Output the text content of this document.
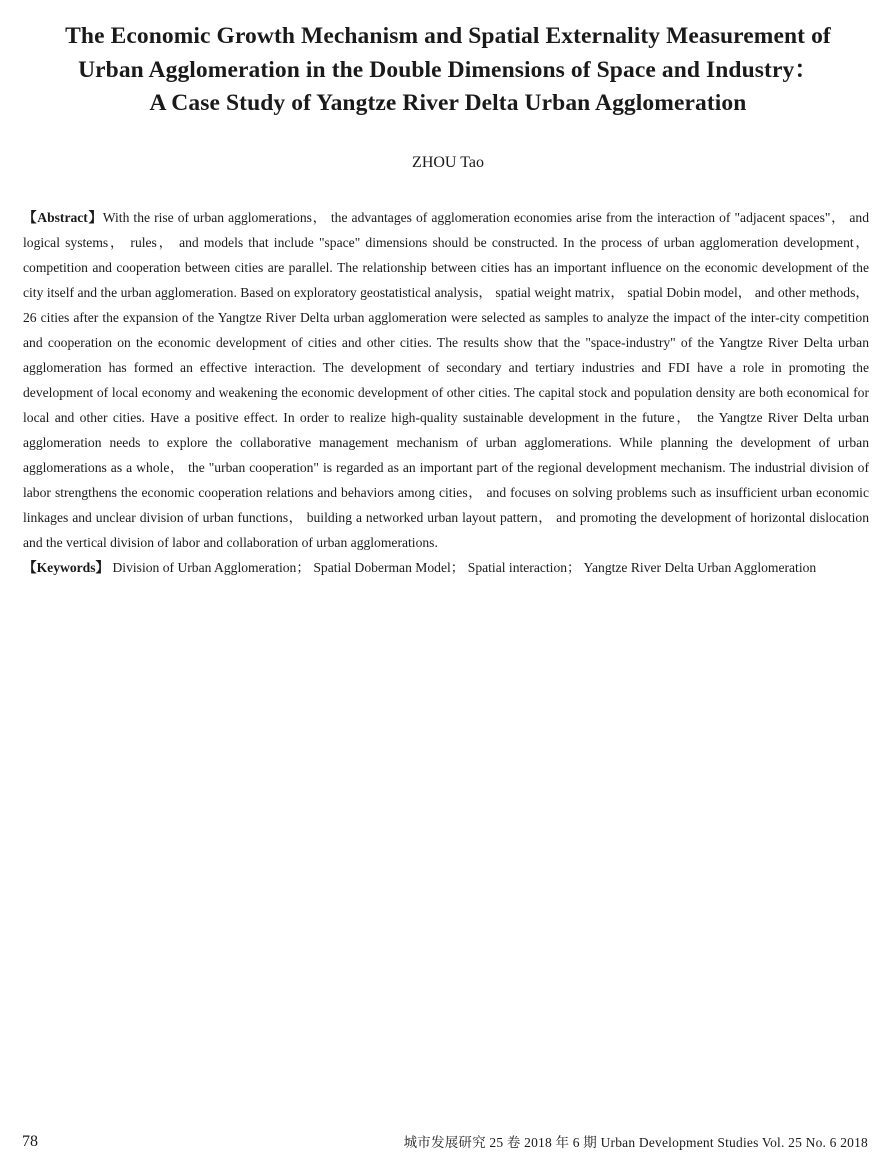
The Economic Growth Mechanism and Spatial Externality Measurement of
Urban Agglomeration in the Double Dimensions of Space and Industry：
A Case Study of Yangtze River Delta Urban Agglomeration
ZHOU Tao

【Abstract】With the rise of urban agglomerations， the advantages of agglomeration economies arise from the interaction of "adjacent spaces"， and logical systems， rules， and models that include "space" dimensions should be constructed. In the process of urban agglomeration development， competition and cooperation between cities are parallel. The relationship between cities has an important influence on the economic development of the city itself and the urban agglomeration. Based on exploratory geostatistical analysis， spatial weight matrix， spatial Dobin model， and other methods， 26 cities after the expansion of the Yangtze River Delta urban agglomeration were selected as samples to analyze the impact of the inter-city competition and cooperation on the economic development of cities and other cities. The results show that the "space-industry" of the Yangtze River Delta urban agglomeration has formed an effective interaction. The development of secondary and tertiary industries and FDI have a role in promoting the development of local economy and weakening the economic development of other cities. The capital stock and population density are both economical for local and other cities. Have a positive effect. In order to realize high-quality sustainable development in the future， the Yangtze River Delta urban agglomeration needs to explore the collaborative management mechanism of urban agglomerations. While planning the development of urban agglomerations as a whole， the "urban cooperation" is regarded as an important part of the regional development mechanism. The industrial division of labor strengthens the economic cooperation relations and behaviors among cities， and focuses on solving problems such as insufficient urban economic linkages and unclear division of urban functions， building a networked urban layout pattern， and promoting the development of horizontal dislocation and the vertical division of labor and collaboration of urban agglomerations.

【Keywords】 Division of Urban Agglomeration； Spatial Doberman Model； Spatial interaction； Yangtze River Delta Urban Agglomeration

78	城市发展研究 25 卷 2018 年 6 期 Urban Development Studies Vol. 25 No. 6 2018
